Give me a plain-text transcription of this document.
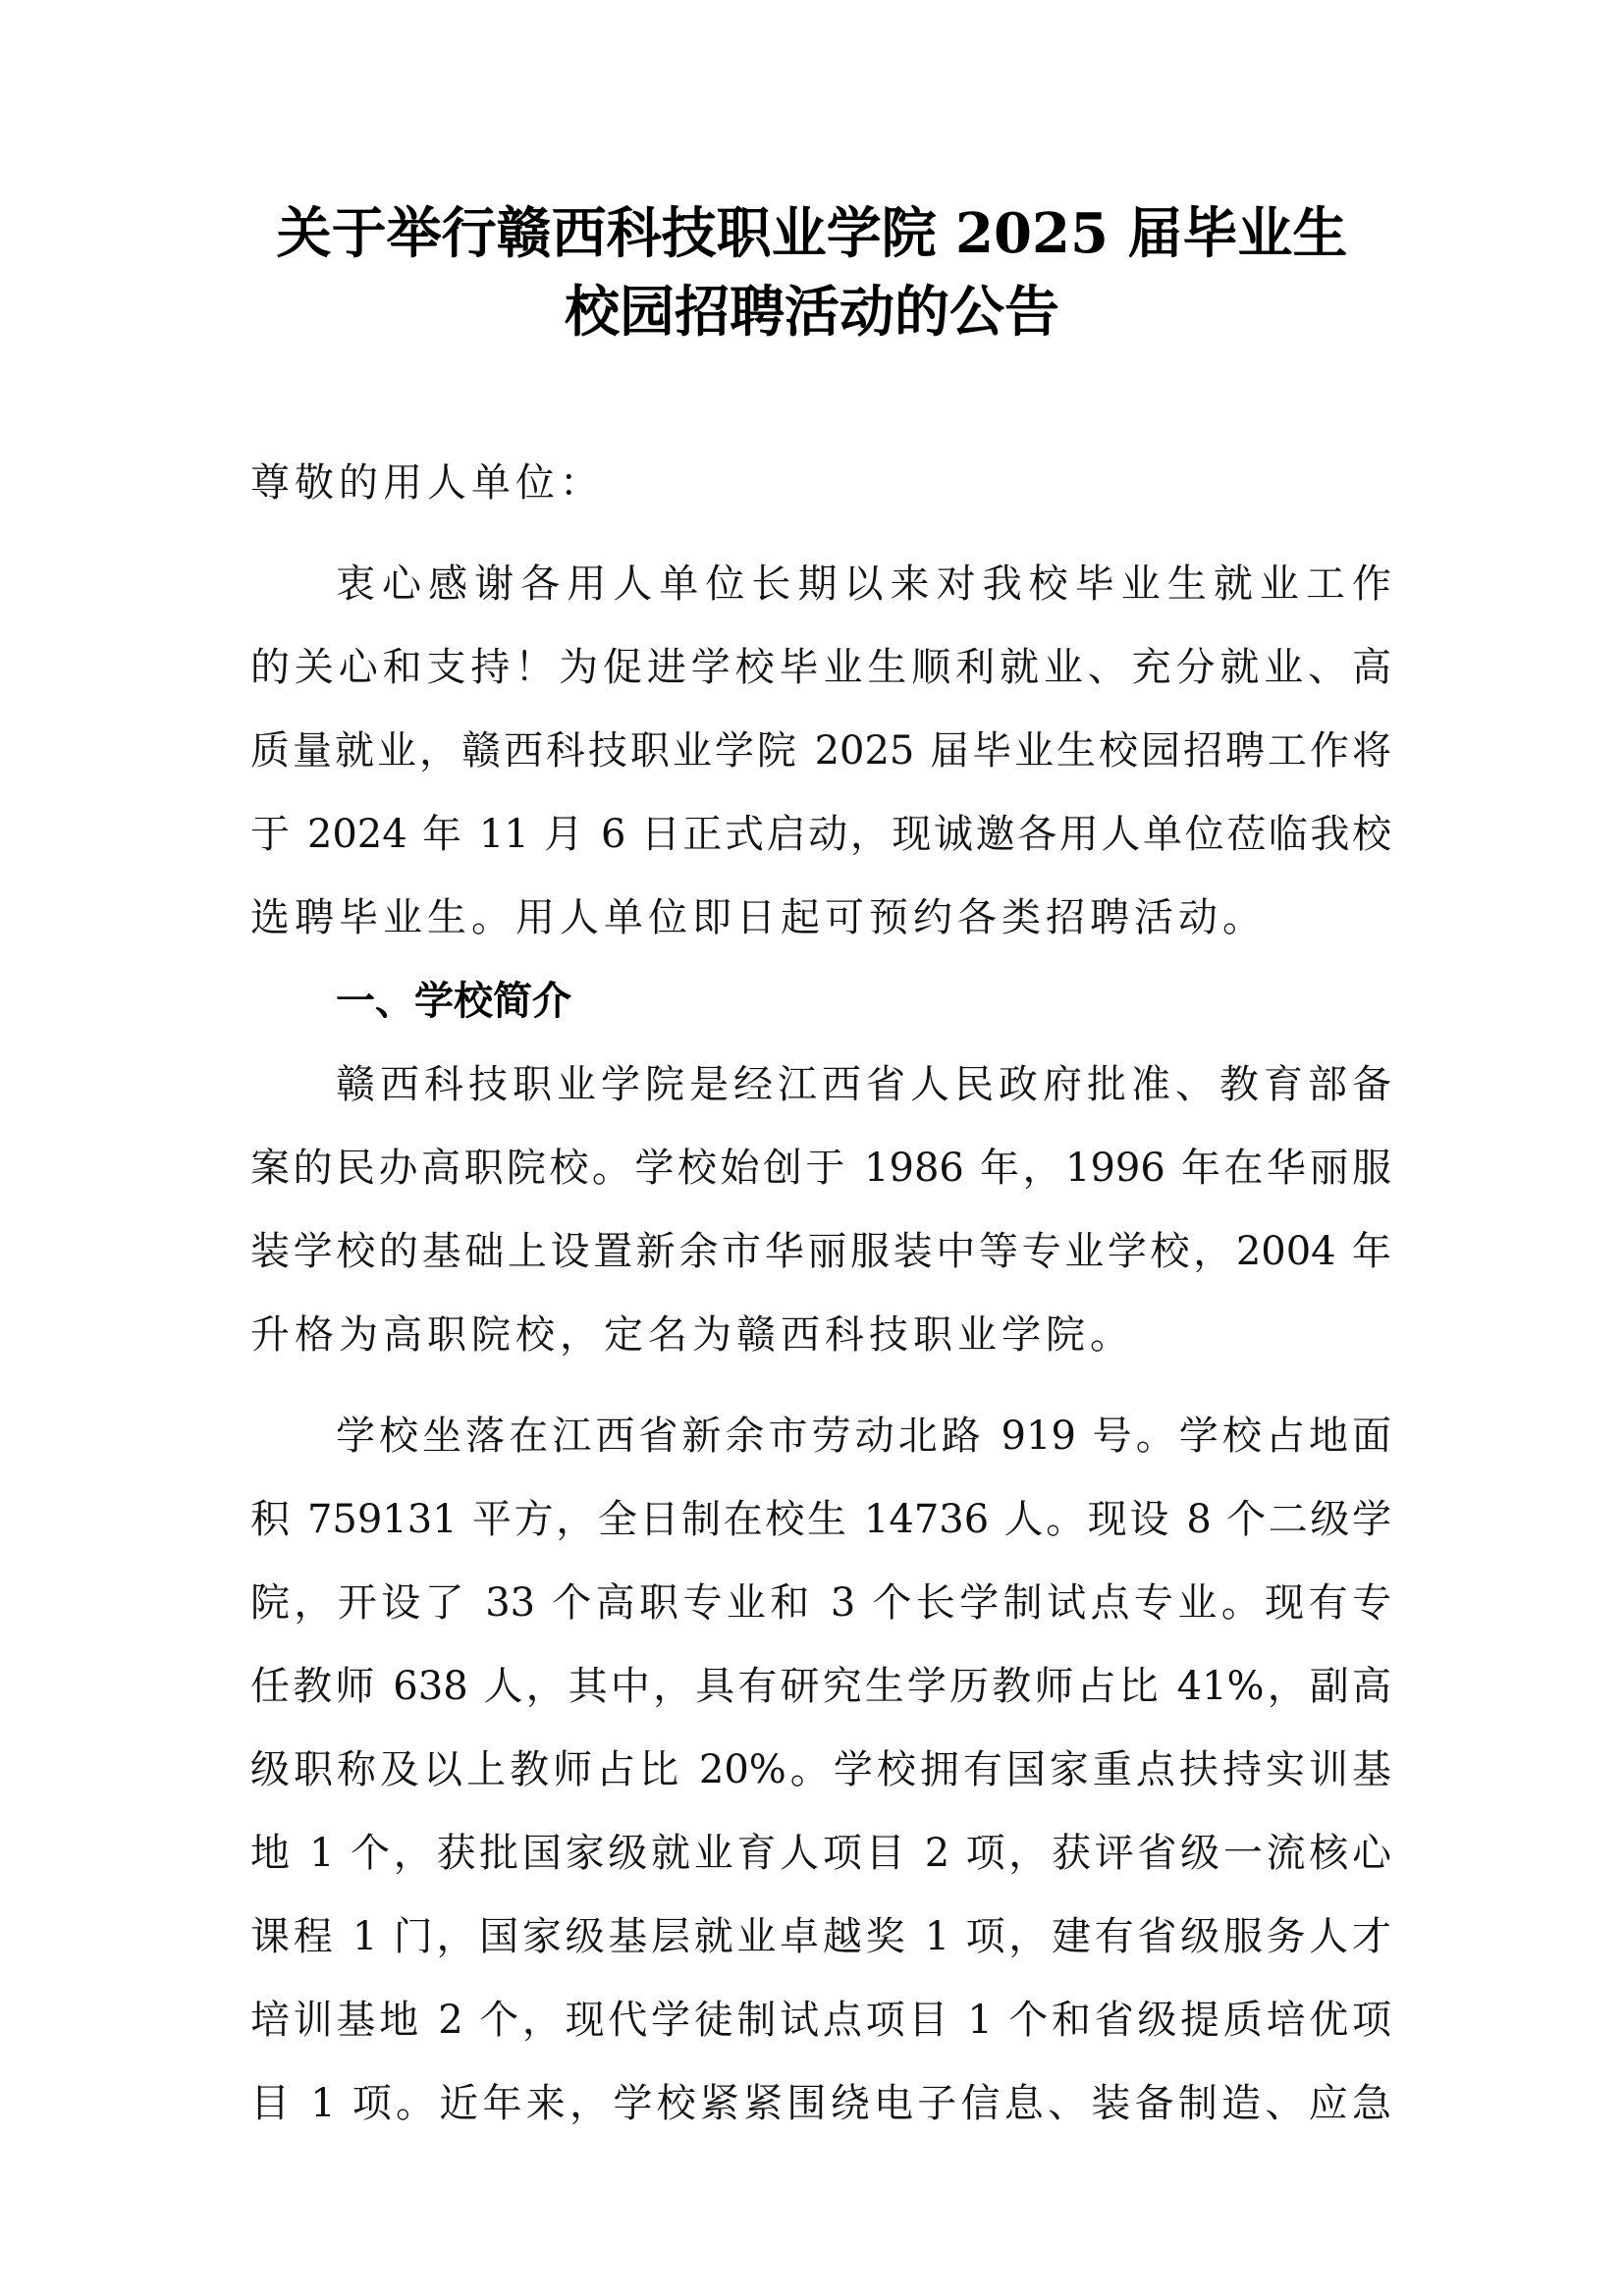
关于举行赣西科技职业学院 2025 届毕业生
校园招聘活动的公告
尊敬的用人单位：
衷心感谢各用人单位长期以来对我校毕业生就业工作
的关心和支持！为促进学校毕业生顺利就业、充分就业、高
质量就业，赣西科技职业学院 2025 届毕业生校园招聘工作将
于 2024 年 11 月 6 日正式启动，现诚邀各用人单位莅临我校
选聘毕业生。用人单位即日起可预约各类招聘活动。
一、学校简介
赣西科技职业学院是经江西省人民政府批准、教育部备
案的民办高职院校。学校始创于 1986 年，1996 年在华丽服
装学校的基础上设置新余市华丽服装中等专业学校，2004 年
升格为高职院校，定名为赣西科技职业学院。
学校坐落在江西省新余市劳动北路 919 号。学校占地面
积 759131 平方，全日制在校生 14736 人。现设 8 个二级学
院，开设了 33 个高职专业和 3 个长学制试点专业。现有专
任教师 638 人，其中，具有研究生学历教师占比 41%，副高
级职称及以上教师占比 20%。学校拥有国家重点扶持实训基
地 1 个，获批国家级就业育人项目 2 项，获评省级一流核心
课程 1 门，国家级基层就业卓越奖 1 项，建有省级服务人才
培训基地 2 个，现代学徒制试点项目 1 个和省级提质培优项
目 1 项。近年来，学校紧紧围绕电子信息、装备制造、应急
